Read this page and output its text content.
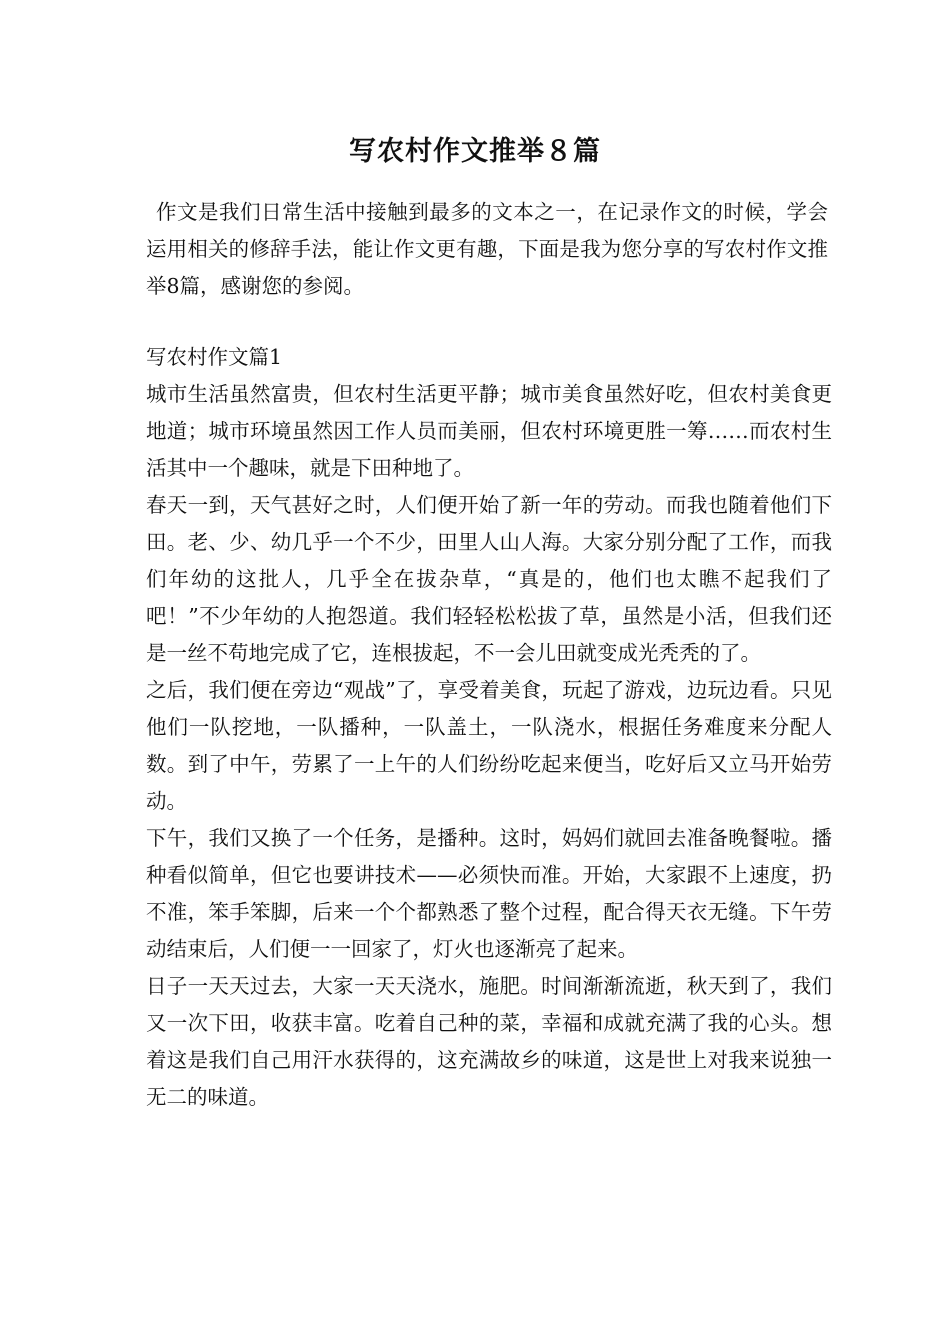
写农村作文推举８篇

作文是我们日常生活中接触到最多的文本之一，在记录作文的时候，学会运用相关的修辞手法，能让作文更有趣，下面是我为您分享的写农村作文推举8篇，感谢您的参阅。

写农村作文篇1

城市生活虽然富贵，但农村生活更平静；城市美食虽然好吃，但农村美食更地道；城市环境虽然因工作人员而美丽，但农村环境更胜一筹……而农村生活其中一个趣味，就是下田种地了。

春天一到，天气甚好之时，人们便开始了新一年的劳动。而我也随着他们下田。老、少、幼几乎一个不少，田里人山人海。大家分别分配了工作，而我们年幼的这批人，几乎全在拔杂草，“真是的，他们也太瞧不起我们了吧！”不少年幼的人抱怨道。我们轻轻松松拔了草，虽然是小活，但我们还是一丝不苟地完成了它，连根拔起，不一会儿田就变成光秃秃的了。

之后，我们便在旁边“观战”了，享受着美食，玩起了游戏，边玩边看。只见他们一队挖地，一队播种，一队盖土，一队浇水，根据任务难度来分配人数。到了中午，劳累了一上午的人们纷纷吃起来便当，吃好后又立马开始劳动。

下午，我们又换了一个任务，是播种。这时，妈妈们就回去准备晚餐啦。播种看似简单，但它也要讲技术——必须快而准。开始，大家跟不上速度，扔不准，笨手笨脚，后来一个个都熟悉了整个过程，配合得天衣无缝。下午劳动结束后，人们便一一回家了，灯火也逐渐亮了起来。

日子一天天过去，大家一天天浇水，施肥。时间渐渐流逝，秋天到了，我们又一次下田，收获丰富。吃着自己种的菜，幸福和成就充满了我的心头。想着这是我们自己用汗水获得的，这充满故乡的味道，这是世上对我来说独一无二的味道。
